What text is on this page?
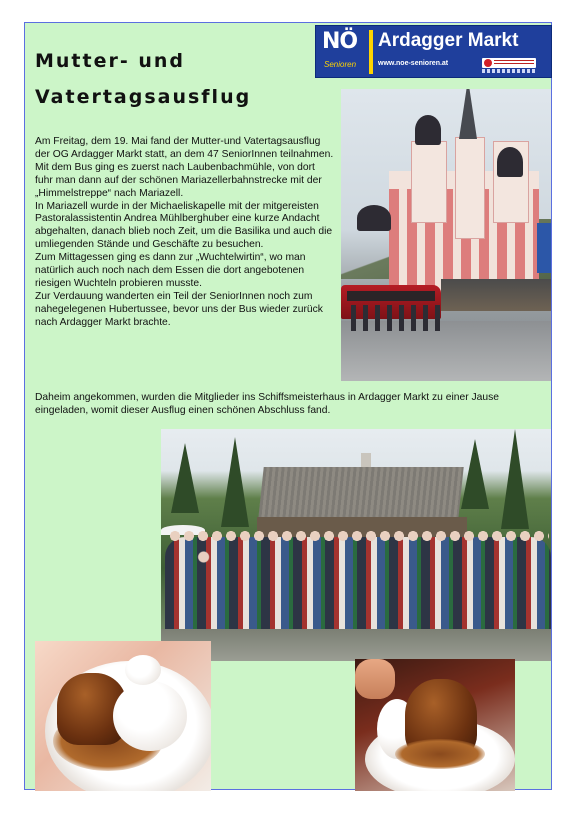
Mutter- und
Vatertagsausflug
NÖ
Senioren
Ardagger Markt
www.noe-senioren.at

Am Freitag, dem 19. Mai fand der Mutter-und Vatertagsausflug der OG Ardagger Markt statt, an dem 47 SeniorInnen teilnahmen.

Mit dem Bus ging es zuerst nach Laubenbachmühle, von dort fuhr man dann auf der schönen Mariazellerbahnstrecke mit der „Himmelstreppe“ nach Mariazell.

In Mariazell wurde in der Michaeliskapelle mit der mitgereisten Pastoralassistentin Andrea Mühlberghuber eine kurze Andacht abgehalten, danach blieb noch Zeit, um die Basilika und auch die umliegenden Stände und Geschäfte zu besuchen.

Zum Mittagessen ging es dann zur „Wuchtelwirtin“, wo man natürlich auch noch nach dem Essen die dort angebotenen riesigen Wuchteln probieren musste.

Zur Verdauung wanderten ein Teil der SeniorInnen noch zum nahegelegenen Hubertussee, bevor uns der Bus wieder zurück nach Ardagger Markt brachte.

Daheim angekommen, wurden die Mitglieder ins Schiffsmeisterhaus in Ardagger Markt zu einer Jause eingeladen, womit dieser Ausflug einen schönen Abschluss fand.
